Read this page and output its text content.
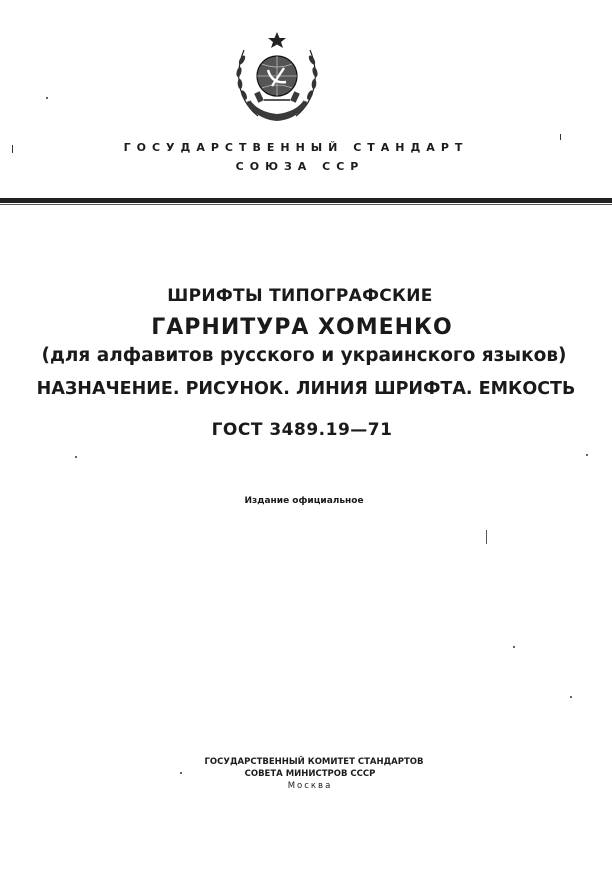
ГОСУДАРСТВЕННЫЙ СТАНДАРТ
СОЮЗА ССР
ШРИФТЫ ТИПОГРАФСКИЕ
ГАРНИТУРА ХОМЕНКО
(для алфавитов русского и украинского языков)
НАЗНАЧЕНИЕ. РИСУНОК. ЛИНИЯ ШРИФТА. ЕМКОСТЬ
ГОСТ 3489.19—71
Издание официальное
ГОСУДАРСТВЕННЫЙ КОМИТЕТ СТАНДАРТОВ
СОВЕТА МИНИСТРОВ СССР
Москва
